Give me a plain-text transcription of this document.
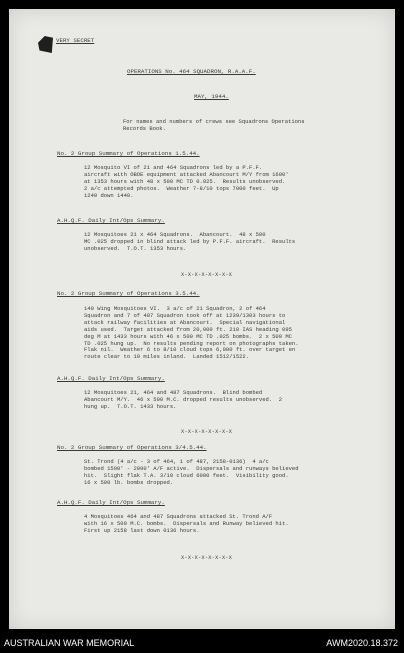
VERY SECRET

OPERATIONS No. 464 SQUADRON, R.A.A.F.

MAY, 1944.

For names and numbers of crews see Squadrons Operations
Records Book.

No. 2 Group Summary of Operations 1.5.44.

12 Mosquito VI of 21 and 464 Squadrons led by a P.F.F.
aircraft with OBOE equipment attacked Abancourt M/Y from 1600'
at 1353 hours with 48 x 500 MC TD 0.025.  Results unobserved.
2 a/c attempted photos.  Weather 7-8/10 tops 7000 feet.  Up
1240 down 1440.

A.H.Q.F. Daily Int/Ops Summary.

12 Mosquitoes 21 x 464 Squadrons.  Abancourt.  48 x 500
MC .025 dropped in blind attack led by P.F.F. aircraft.  Results
unobserved.  T.O.T. 1353 hours.

X-X-X-X-X-X-X-X

No. 2 Group Summary of Operations 3.5.44.

140 Wing Mosquitoes VI.  3 a/c of 21 Squadron, 2 of 464
Squadron and 7 of 487 Squadron took off at 1239/1303 hours to
attack railway facilities at Abancourt.  Special navigational
aids used.  Target attacked from 20,000 ft. 210 IAS heading 095
deg M at 1433 hours with 46 x 500 MC TD .025 bombs.  2 x 500 MC
TD .025 hung up.  No results pending report on photographs taken.
Flak nil.  Weather 6 to 8/10 cloud tops 6,000 ft. over target en
route clear to 10 miles inland.  Landed 1512/1522.

A.H.Q.F. Daily Int/Ops Summary.

12 Mosquitoes 21, 464 and 487 Squadrons.  Blind bombed
Abancourt M/Y.  46 x 500 M.C. dropped results unobserved.  2
hung up.  T.O.T. 1433 hours.

X-X-X-X-X-X-X-X

No. 2 Group Summary of Operations 3/4.5.44.

St. Trond (4 a/c - 3 of 464, 1 of 487, 2158-0136)  4 a/c
bombed 1500' - 2000' A/F active.  Dispersals and runways believed
hit.  Slight flak T.A. 3/10 cloud 6000 feet.  Visibility good.
16 x 500 lb. bombs dropped.

A.H.Q.F. Daily Int/Ops Summary.

4 Mosquitoes 464 and 487 Squadrons attacked St. Trond A/F
with 16 x 500 M.C. bombs.  Dispersals and Runway believed hit.
First up 2158 last down 0136 hours.

X-X-X-X-X-X-X-X

AUSTRALIAN WAR MEMORIAL	AWM2020.18.372
